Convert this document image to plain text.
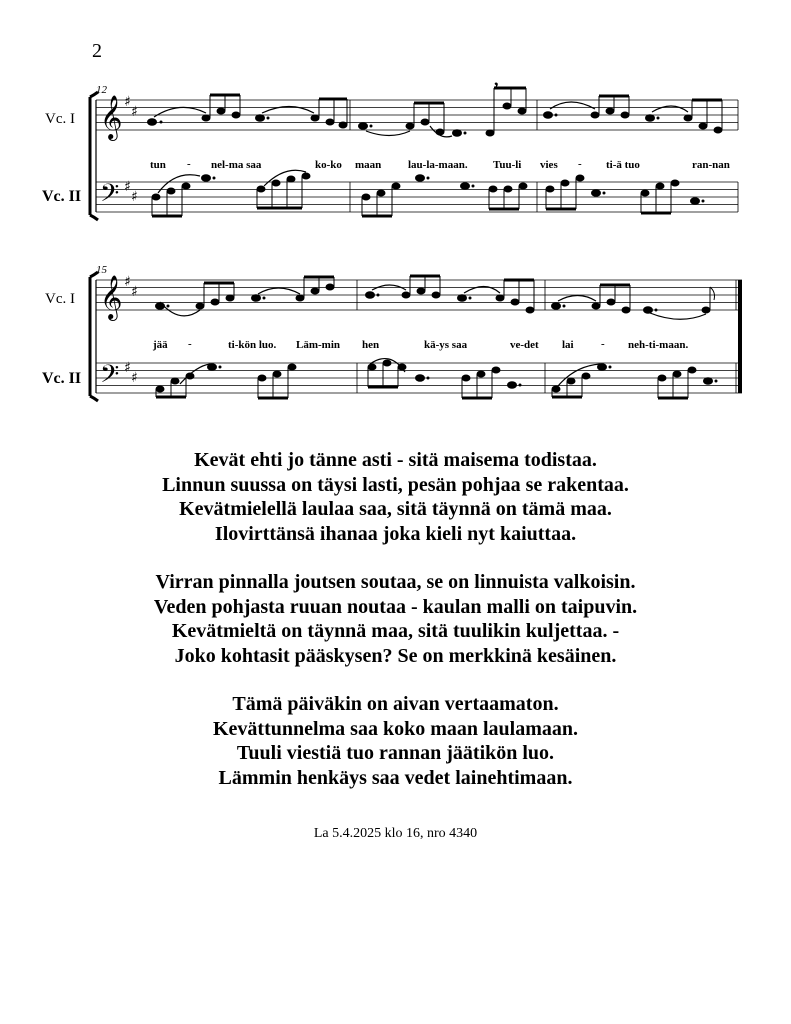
2
12
Vc. I
Vc. II
15
Vc. I
Vc. II
𝄞
𝄢
𝄞
𝄢
♯
♯
♯
♯
♯
♯
♯
♯
,
tun - nel-ma saa	ko-ko maan lau-la-maan. Tuu-li vies - ti-ä tuo	ran-nan
jää -	ti-kön luo. Läm-min hen	kä-ys saa	ve-det lai - neh-ti-maan.
Kevät ehti jo tänne asti - sitä maisema todistaa.
Linnun suussa on täysi lasti, pesän pohjaa se rakentaa.
Kevätmielellä laulaa saa, sitä täynnä on tämä maa.
Ilovirttänsä ihanaa joka kieli nyt kaiuttaa.
Virran pinnalla joutsen soutaa, se on linnuista valkoisin.
Veden pohjasta ruuan noutaa - kaulan malli on taipuvin.
Kevätmieltä on täynnä maa, sitä tuulikin kuljettaa. -
Joko kohtasit pääskysen? Se on merkkinä kesäinen.
Tämä päiväkin on aivan vertaamaton.
Kevättunnelma saa koko maan laulamaan.
Tuuli viestiä tuo rannan jäätikön luo.
Lämmin henkäys saa vedet lainehtimaan.
La 5.4.2025 klo 16, nro 4340
